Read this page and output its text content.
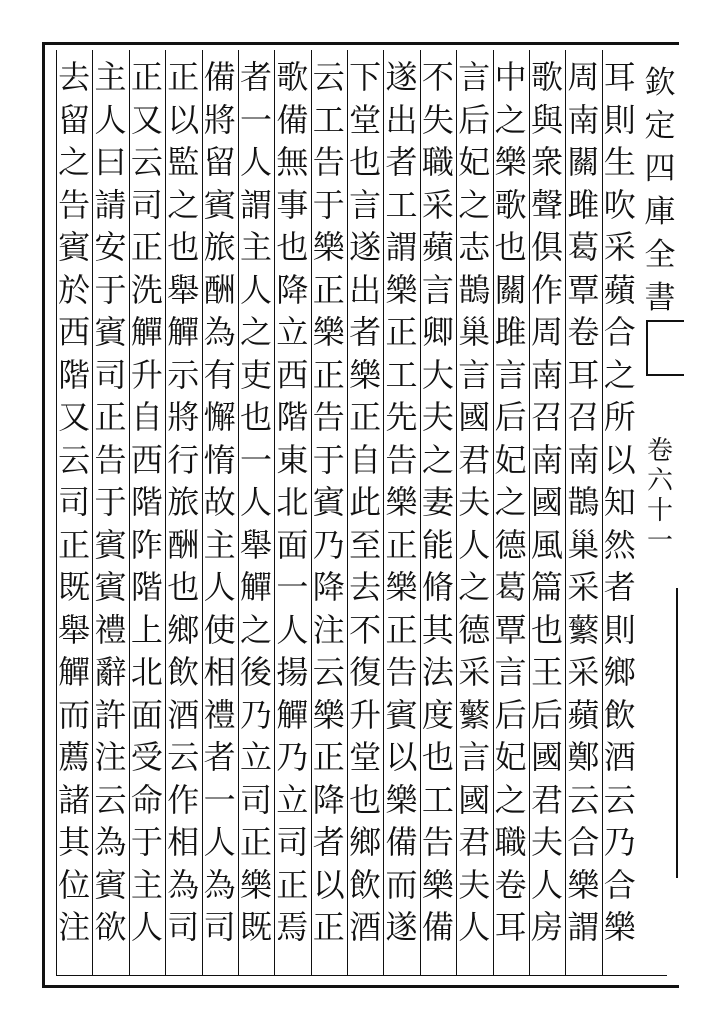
耳
則
生
吹
采
蘋
合
之
所
以
知
然
者
則
鄉
飲
酒
云
乃
合
樂
周
南
關
雎
葛
覃
卷
耳
召
南
鵲
巢
采
蘩
采
蘋
鄭
云
合
樂
謂
歌
與
衆
聲
俱
作
周
南
召
南
國
風
篇
也
王
后
國
君
夫
人
房
中
之
樂
歌
也
關
雎
言
后
妃
之
德
葛
覃
言
后
妃
之
職
卷
耳
言
后
妃
之
志
鵲
巢
言
國
君
夫
人
之
德
采
蘩
言
國
君
夫
人
不
失
職
采
蘋
言
卿
大
夫
之
妻
能
脩
其
法
度
也
工
告
樂
備
遂
出
者
工
謂
樂
正
工
先
告
樂
正
樂
正
告
賓
以
樂
備
而
遂
下
堂
也
言
遂
出
者
樂
正
自
此
至
去
不
復
升
堂
也
鄉
飲
酒
云
工
告
于
樂
正
樂
正
告
于
賓
乃
降
注
云
樂
正
降
者
以
正
歌
備
無
事
也
降
立
西
階
東
北
面
一
人
揚
觶
乃
立
司
正
焉
者
一
人
謂
主
人
之
吏
也
一
人
舉
觶
之
後
乃
立
司
正
樂
既
備
將
留
賓
旅
酬
為
有
懈
惰
故
主
人
使
相
禮
者
一
人
為
司
正
以
監
之
也
舉
觶
示
將
行
旅
酬
也
鄉
飲
酒
云
作
相
為
司
正
又
云
司
正
洗
觶
升
自
西
階
阼
階
上
北
面
受
命
于
主
人
主
人
曰
請
安
于
賓
司
正
告
于
賓
賓
禮
辭
許
注
云
為
賓
欲
去
留
之
告
賓
於
西
階
又
云
司
正
既
舉
觶
而
薦
諸
其
位
注
欽
定
四
庫
全
書
卷
六
十
一
